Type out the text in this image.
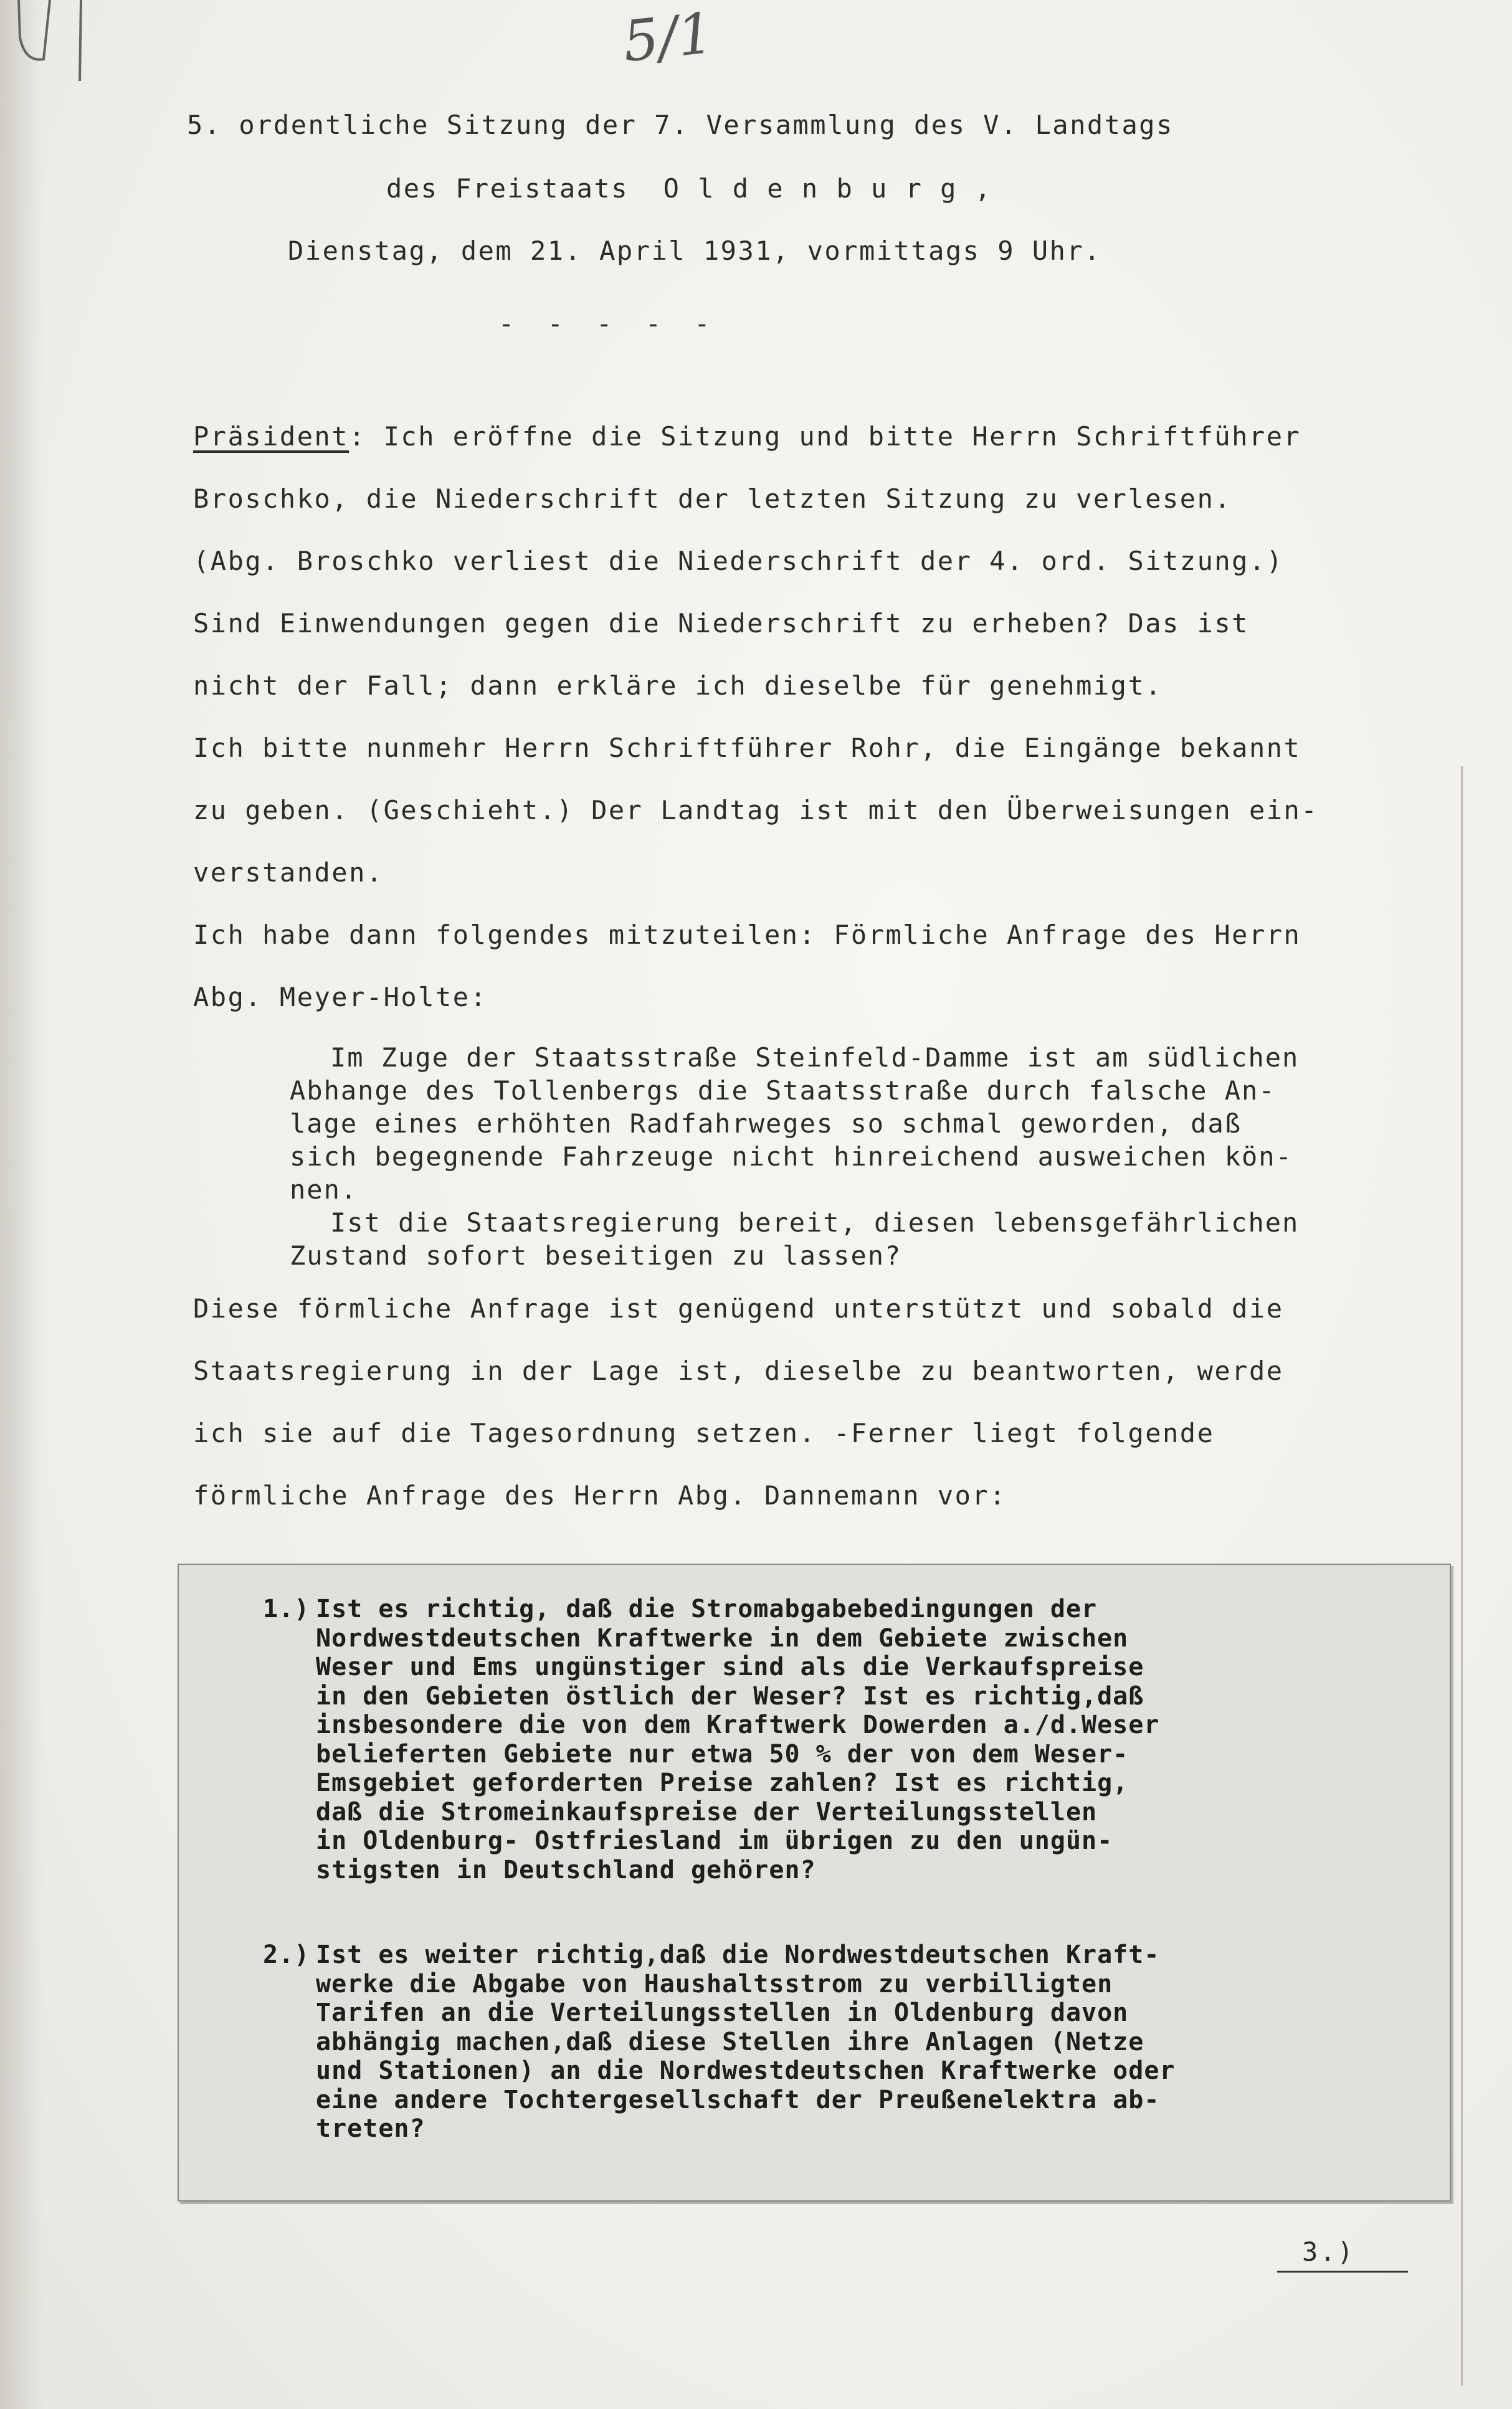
5/1
5. ordentliche Sitzung der 7. Versammlung des V. Landtags
des Freistaats  O l d e n b u r g ,
Dienstag, dem 21. April 1931, vormittags 9 Uhr.
- - - - -
Präsident: Ich eröffne die Sitzung und bitte Herrn Schriftführer
Broschko, die Niederschrift der letzten Sitzung zu verlesen.
(Abg. Broschko verliest die Niederschrift der 4. ord. Sitzung.)
Sind Einwendungen gegen die Niederschrift zu erheben? Das ist
nicht der Fall; dann erkläre ich dieselbe für genehmigt.
Ich bitte nunmehr Herrn Schriftführer Rohr, die Eingänge bekannt
zu geben. (Geschieht.) Der Landtag ist mit den Überweisungen ein-
verstanden.
Ich habe dann folgendes mitzuteilen: Förmliche Anfrage des Herrn
Abg. Meyer-Holte:
Im Zuge der Staatsstraße Steinfeld-Damme ist am südlichen
Abhange des Tollenbergs die Staatsstraße durch falsche An-
lage eines erhöhten Radfahrweges so schmal geworden, daß
sich begegnende Fahrzeuge nicht hinreichend ausweichen kön-
nen.
Ist die Staatsregierung bereit, diesen lebensgefährlichen
Zustand sofort beseitigen zu lassen?
Diese förmliche Anfrage ist genügend unterstützt und sobald die
Staatsregierung in der Lage ist, dieselbe zu beantworten, werde
ich sie auf die Tagesordnung setzen. -Ferner liegt folgende
förmliche Anfrage des Herrn Abg. Dannemann vor:
1.) Ist es richtig, daß die Stromabgabebedingungen der
Nordwestdeutschen Kraftwerke in dem Gebiete zwischen
Weser und Ems ungünstiger sind als die Verkaufspreise
in den Gebieten östlich der Weser? Ist es richtig,daß
insbesondere die von dem Kraftwerk Dowerden a./d.Weser
belieferten Gebiete nur etwa 50 % der von dem Weser-
Emsgebiet geforderten Preise zahlen? Ist es richtig,
daß die Stromeinkaufspreise der Verteilungsstellen
in Oldenburg- Ostfriesland im übrigen zu den ungün-
stigsten in Deutschland gehören?
2.) Ist es weiter richtig,daß die Nordwestdeutschen Kraft-
werke die Abgabe von Haushaltsstrom zu verbilligten
Tarifen an die Verteilungsstellen in Oldenburg davon
abhängig machen,daß diese Stellen ihre Anlagen (Netze
und Stationen) an die Nordwestdeutschen Kraftwerke oder
eine andere Tochtergesellschaft der Preußenelektra ab-
treten?
3.)
